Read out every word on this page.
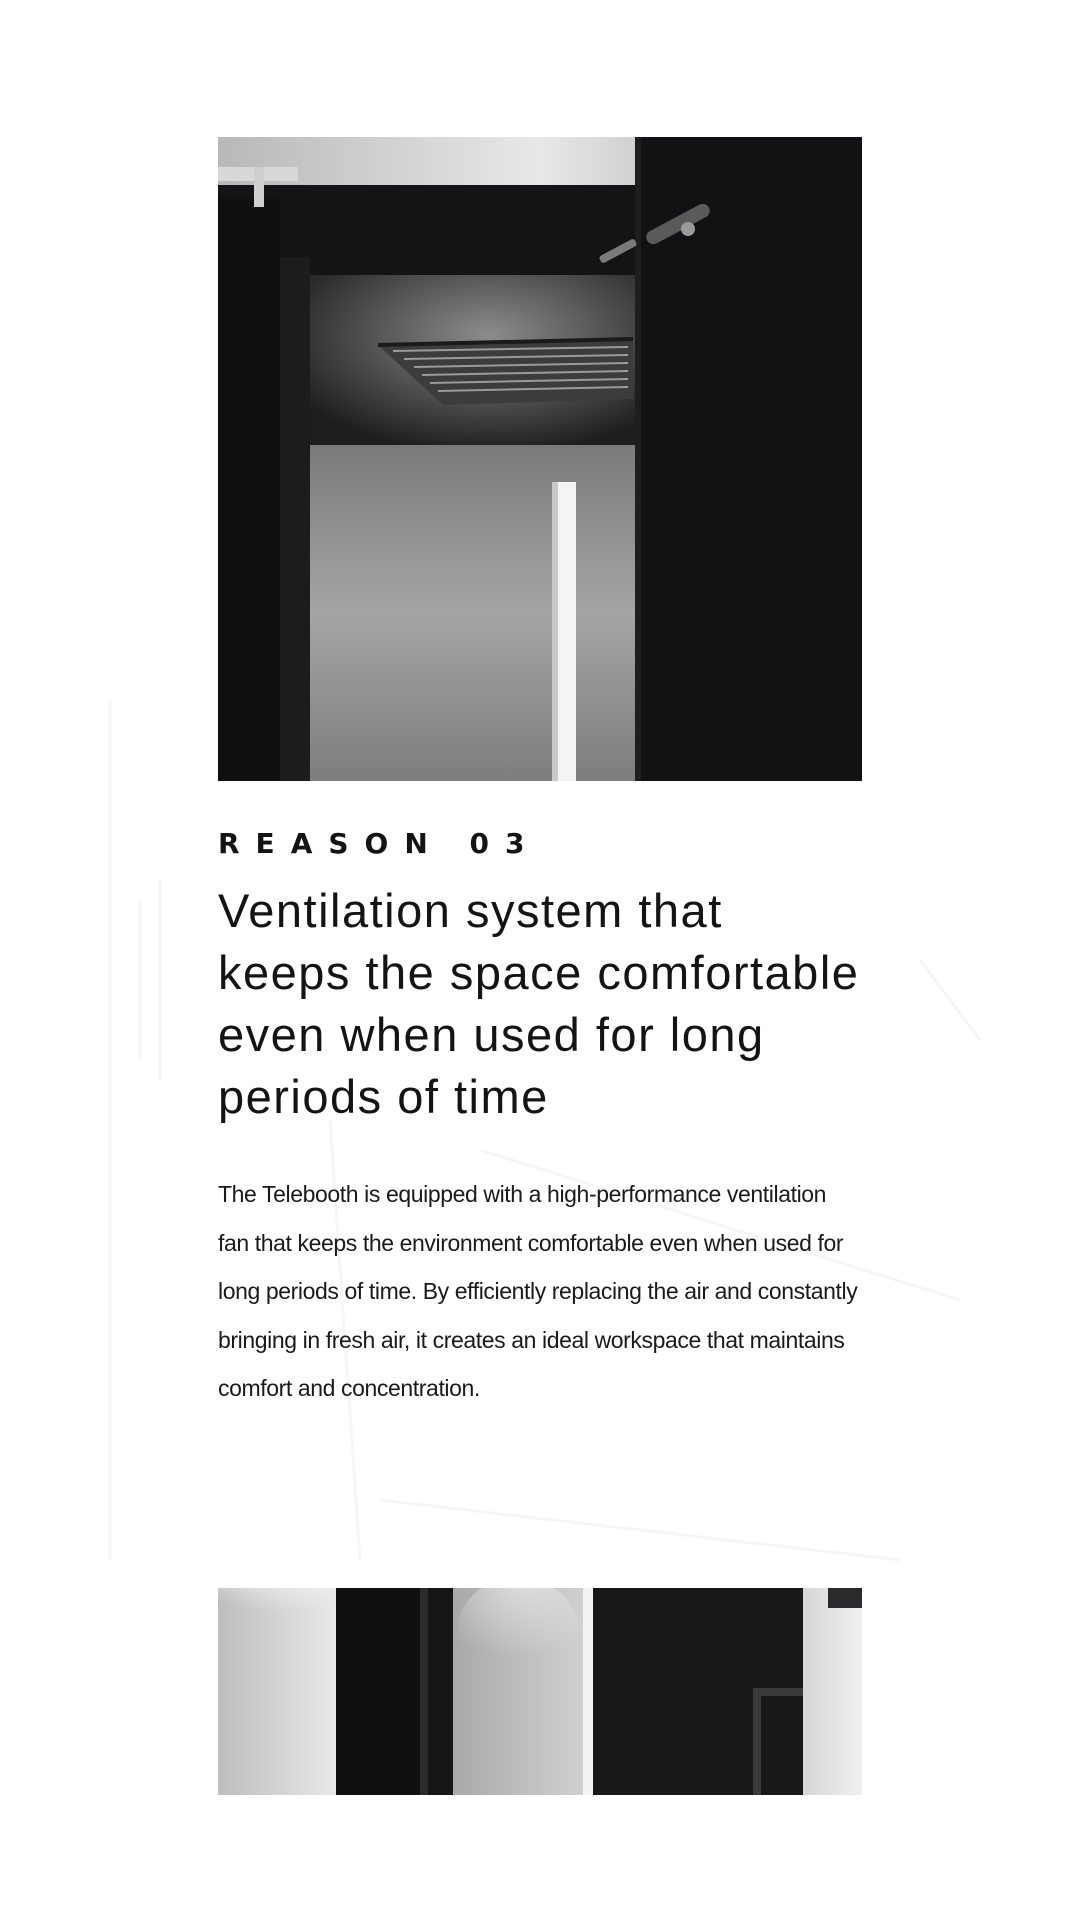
REASON 03
Ventilation system that keeps the space comfortable even when used for long periods of time

The Telebooth is equipped with a high-performance ventilation fan that keeps the environment comfortable even when used for long periods of time. By efficiently replacing the air and constantly bringing in fresh air, it creates an ideal workspace that maintains comfort and concentration.
